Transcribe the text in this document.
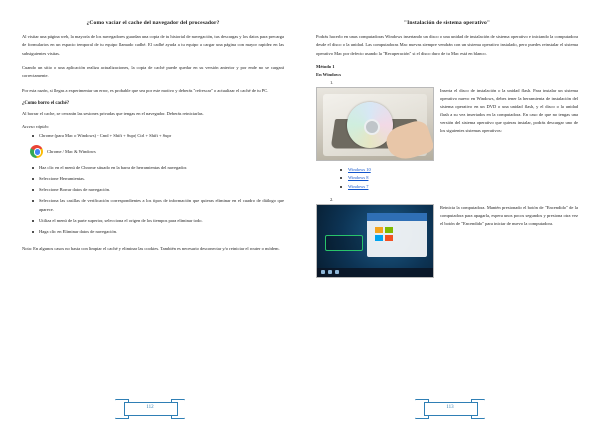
¿Como vaciar el cache del navegador del procesador?

Al visitar una página web, la mayoría de los navegadores guardan una copia de tu historial de navegación, tus descargas y los datos para precarga de formularios en un espacio temporal de tu equipo llamado cadhé. El cadhé ayuda a tu equipo a cargar una página con mayor rapidez en las subsiguientes visitas.

Cuando un sitio o una aplicación realiza actualizaciones, la copia de caché puede quedar en su versión anterior y por ende no se cargará correctamente.

Por esta razón, si llegas a experimentar un error, es probable que sea por este motivo y deberás "refrescar" o actualizar el caché de tu PC.

¿Como borro el caché?

Al borrar el cache, se cerrarán las sesiones privadas que tengas en el navegador. Deberás reiniciarlas.

Acceso rápido:
Chrome (para Mac o Windows) - Cmd + Shift + Supr| Ctrl + Shift + Supr
Chrome / Mac & Windows
Haz clic en el menú de Chrome situado en la barra de herramientas del navegador.
Seleccione Herramientas.
Seleccione Borrar datos de navegación.
Selecciona las casillas de verificación correspondientes a los tipos de información que quieras eliminar en el cuadro de diálogo que aparece.
Utiliza el menú de la parte superior, selecciona el origen de los tiempos para eliminar todo.
Haga clic en Eliminar datos de navegación.

Nota: En algunos casos no basta con limpiar el caché y eliminar las cookies. También es necesario desconectar y/o reiniciar el router o módem.

112
"Instalación de sistema operativo"

Podrás hacerlo en unas computadoras Windows insertando un disco o una unidad de instalación de sistema operativo e iniciando la computadora desde el disco o la unidad. Las computadoras Mac nuevas siempre vendrán con un sistema operativo instalado, pero puedes reinstalar el sistema operativo Mac por defecto usando la "Recuperación" si el disco duro de tu Mac está en blanco.

Método 1
En Windows
1.
Inserta el disco de instalación o la unidad flash. Para instalar un sistema operativo nuevo en Windows, debes tener la herramienta de instalación del sistema operativo en un DVD o una unidad flash, y el disco o la unidad flash a su vez insertados en la computadora. En caso de que no tengas una versión del sistema operativo que quieras instalar, podrás descargar uno de los siguientes sistemas operativos:
Windows 10
Windows 8
Windows 7
2.
Reinicia la computadora. Mantén presionado el botón de "Encendido" de la computadora para apagarla, espera unos pocos segundos y presiona otra vez el botón de "Encendido" para iniciar de nuevo la computadora.
113
